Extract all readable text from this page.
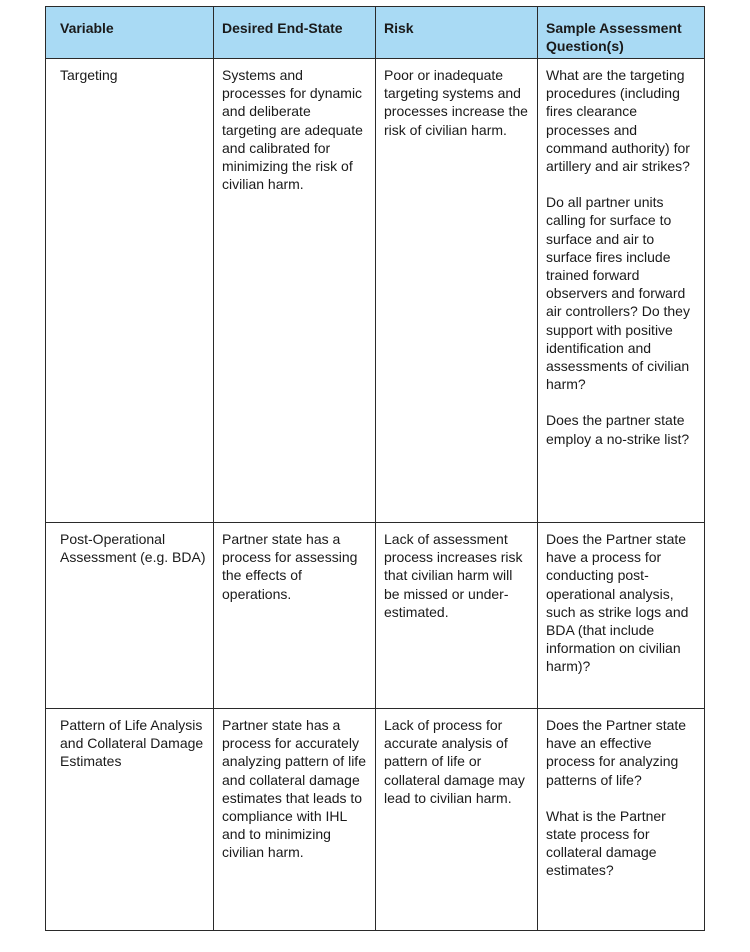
Variable	Desired End-State	Risk	Sample Assessment Question(s)

Targeting	Systems and processes for dynamic and deliberate targeting are adequate and calibrated for minimizing the risk of civilian harm.	Poor or inadequate targeting systems and processes increase the risk of civilian harm.	What are the targeting procedures (including fires clearance processes and command authority) for artillery and air strikes?

Do all partner units calling for surface to surface and air to surface fires include trained forward observers and forward air controllers? Do they support with positive identification and assessments of civilian harm?

Does the partner state employ a no-strike list?

Post-Operational Assessment (e.g. BDA)	Partner state has a process for assessing the effects of operations.	Lack of assessment process increases risk that civilian harm will be missed or under-estimated.	Does the Partner state have a process for conducting post-operational analysis, such as strike logs and BDA (that include information on civilian harm)?

Pattern of Life Analysis and Collateral Damage Estimates	Partner state has a process for accurately analyzing pattern of life and collateral damage estimates that leads to compliance with IHL and to minimizing civilian harm.	Lack of process for accurate analysis of pattern of life or collateral damage may lead to civilian harm.	Does the Partner state have an effective process for analyzing patterns of life?

What is the Partner state process for collateral damage estimates?
